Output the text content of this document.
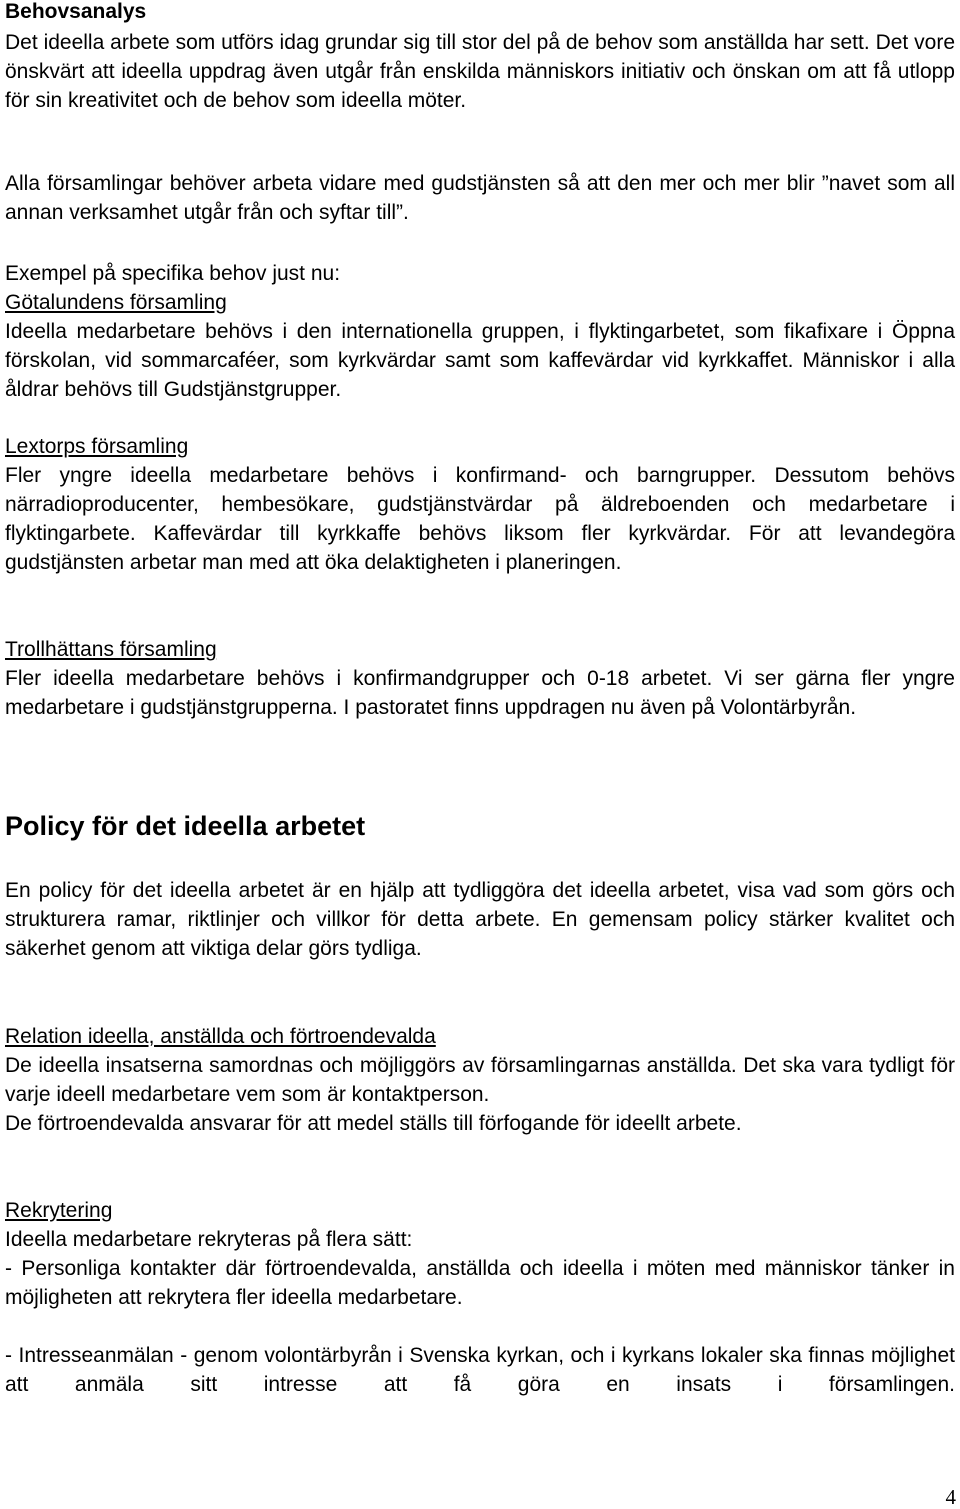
Behovsanalys

Det ideella arbete som utförs idag grundar sig till stor del på de behov som anställda har sett. Det vore önskvärt att ideella uppdrag även utgår från enskilda människors initiativ och önskan om att få utlopp för sin kreativitet och de behov som ideella möter.

Alla församlingar behöver arbeta vidare med gudstjänsten så att den mer och mer blir ”navet som all annan verksamhet utgår från och syftar till”.

Exempel på specifika behov just nu:

Götalundens församling

Ideella medarbetare behövs i den internationella gruppen, i flyktingarbetet, som fikafixare i Öppna förskolan, vid sommarcaféer, som kyrkvärdar samt som kaffevärdar vid kyrkkaffet. Människor i alla åldrar behövs till Gudstjänstgrupper.

Lextorps församling

Fler yngre ideella medarbetare behövs i konfirmand- och barngrupper. Dessutom behövs närradioproducenter, hembesökare, gudstjänstvärdar på äldreboenden och medarbetare i flyktingarbete. Kaffevärdar till kyrkkaffe behövs liksom fler kyrkvärdar. För att levandegöra gudstjänsten arbetar man med att öka delaktigheten i planeringen.

Trollhättans församling

Fler ideella medarbetare behövs i konfirmandgrupper och 0-18 arbetet. Vi ser gärna fler yngre medarbetare i gudstjänstgrupperna. I pastoratet finns uppdragen nu även på Volontärbyrån.

Policy för det ideella arbetet

En policy för det ideella arbetet är en hjälp att tydliggöra det ideella arbetet, visa vad som görs och strukturera ramar, riktlinjer och villkor för detta arbete. En gemensam policy stärker kvalitet och säkerhet genom att viktiga delar görs tydliga.

Relation ideella, anställda och förtroendevalda

De ideella insatserna samordnas och möjliggörs av församlingarnas anställda. Det ska vara tydligt för varje ideell medarbetare vem som är kontaktperson.

De förtroendevalda ansvarar för att medel ställs till förfogande för ideellt arbete.

Rekrytering

Ideella medarbetare rekryteras på flera sätt:

- Personliga kontakter där förtroendevalda, anställda och ideella i möten med människor tänker in möjligheten att rekrytera fler ideella medarbetare.

- Intresseanmälan - genom volontärbyrån i Svenska kyrkan, och i kyrkans lokaler ska finnas möjlighet att anmäla sitt intresse att få göra en insats i församlingen.

4
